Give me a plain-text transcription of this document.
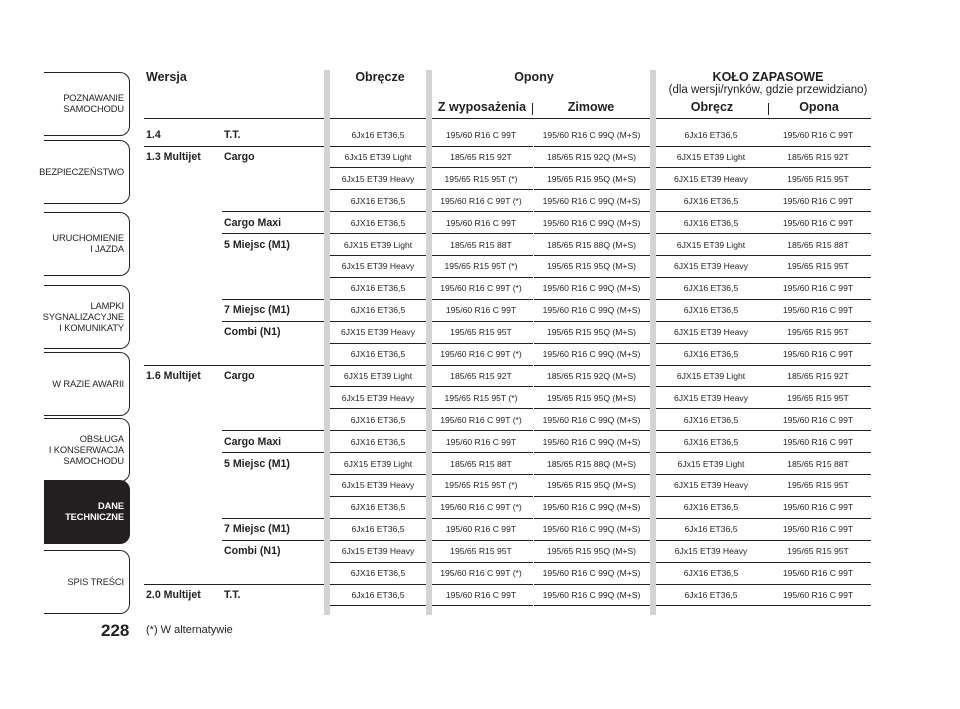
POZNAWANIE
SAMOCHODU
BEZPIECZEŃSTWO
URUCHOMIENIE
I JAZDA
LAMPKI
SYGNALIZACYJNE
I KOMUNIKATY
W RAZIE AWARII
OBSŁUGA
I KONSERWACJA
SAMOCHODU
DANE
TECHNICZNE
SPIS TREŚCI
228
Wersja	Obręcze	Opony
Z wyposażenia	Zimowe
KOŁO ZAPASOWE
(dla wersji/rynków, gdzie przewidziano)
Obręcz	Opona
1.4	T.T.	6Jx16 ET36,5	195/60 R16 C 99T	195/60 R16 C 99Q (M+S)	6Jx16 ET36,5	195/60 R16 C 99T
1.3 Multijet	Cargo	6Jx15 ET39 Light	185/65 R15 92T	185/65 R15 92Q (M+S)	6JX15 ET39 Light	185/65 R15 92T
6Jx15 ET39 Heavy	195/65 R15 95T (*)	195/65 R15 95Q (M+S)	6JX15 ET39 Heavy	195/65 R15 95T
6JX16 ET36,5	195/60 R16 C 99T (*)	195/60 R16 C 99Q (M+S)	6JX16 ET36,5	195/60 R16 C 99T
Cargo Maxi	6JX16 ET36,5	195/60 R16 C 99T	195/60 R16 C 99Q (M+S)	6JX16 ET36,5	195/60 R16 C 99T
5 Miejsc (M1)	6JX15 ET39 Light	185/65 R15 88T	185/65 R15 88Q (M+S)	6JX15 ET39 Light	185/65 R15 88T
6Jx15 ET39 Heavy	195/65 R15 95T (*)	195/65 R15 95Q (M+S)	6JX15 ET39 Heavy	195/65 R15 95T
6JX16 ET36,5	195/60 R16 C 99T (*)	195/60 R16 C 99Q (M+S)	6JX16 ET36,5	195/60 R16 C 99T
7 Miejsc (M1)	6JX16 ET36,5	195/60 R16 C 99T	195/60 R16 C 99Q (M+S)	6JX16 ET36,5	195/60 R16 C 99T
Combi (N1)	6JX15 ET39 Heavy	195/65 R15 95T	195/65 R15 95Q (M+S)	6JX15 ET39 Heavy	195/65 R15 95T
6JX16 ET36,5	195/60 R16 C 99T (*)	195/60 R16 C 99Q (M+S)	6JX16 ET36,5	195/60 R16 C 99T
1.6 Multijet	Cargo	6JX15 ET39 Light	185/65 R15 92T	185/65 R15 92Q (M+S)	6JX15 ET39 Light	185/65 R15 92T
6Jx15 ET39 Heavy	195/65 R15 95T (*)	195/65 R15 95Q (M+S)	6JX15 ET39 Heavy	195/65 R15 95T
6JX16 ET36,5	195/60 R16 C 99T (*)	195/60 R16 C 99Q (M+S)	6JX16 ET36,5	195/60 R16 C 99T
Cargo Maxi	6JX16 ET36,5	195/60 R16 C 99T	195/60 R16 C 99Q (M+S)	6JX16 ET36,5	195/60 R16 C 99T
5 Miejsc (M1)	6JX15 ET39 Light	185/65 R15 88T	185/65 R15 88Q (M+S)	6Jx15 ET39 Light	185/65 R15 88T
6Jx15 ET39 Heavy	195/65 R15 95T (*)	195/65 R15 95Q (M+S)	6JX15 ET39 Heavy	195/65 R15 95T
6JX16 ET36,5	195/60 R16 C 99T (*)	195/60 R16 C 99Q (M+S)	6JX16 ET36,5	195/60 R16 C 99T
7 Miejsc (M1)	6Jx16 ET36,5	195/60 R16 C 99T	195/60 R16 C 99Q (M+S)	6Jx16 ET36,5	195/60 R16 C 99T
Combi (N1)	6Jx15 ET39 Heavy	195/65 R15 95T	195/65 R15 95Q (M+S)	6Jx15 ET39 Heavy	195/65 R15 95T
6JX16 ET36,5	195/60 R16 C 99T (*)	195/60 R16 C 99Q (M+S)	6JX16 ET36,5	195/60 R16 C 99T
2.0 Multijet	T.T.	6Jx16 ET36,5	195/60 R16 C 99T	195/60 R16 C 99Q (M+S)	6Jx16 ET36,5	195/60 R16 C 99T
(*) W alternatywie
